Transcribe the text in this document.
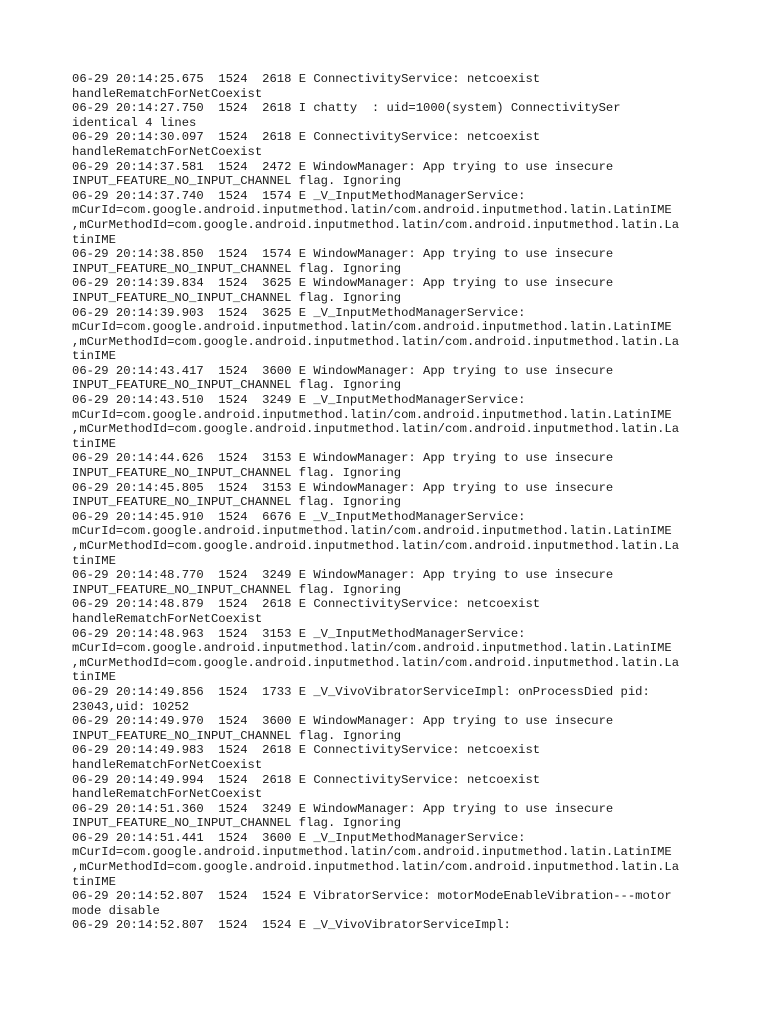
06-29 20:14:25.675  1524  2618 E ConnectivityService: netcoexist
handleRematchForNetCoexist
06-29 20:14:27.750  1524  2618 I chatty  : uid=1000(system) ConnectivitySer
identical 4 lines
06-29 20:14:30.097  1524  2618 E ConnectivityService: netcoexist
handleRematchForNetCoexist
06-29 20:14:37.581  1524  2472 E WindowManager: App trying to use insecure
INPUT_FEATURE_NO_INPUT_CHANNEL flag. Ignoring
06-29 20:14:37.740  1524  1574 E _V_InputMethodManagerService:
mCurId=com.google.android.inputmethod.latin/com.android.inputmethod.latin.LatinIME
,mCurMethodId=com.google.android.inputmethod.latin/com.android.inputmethod.latin.La
tinIME
06-29 20:14:38.850  1524  1574 E WindowManager: App trying to use insecure
INPUT_FEATURE_NO_INPUT_CHANNEL flag. Ignoring
06-29 20:14:39.834  1524  3625 E WindowManager: App trying to use insecure
INPUT_FEATURE_NO_INPUT_CHANNEL flag. Ignoring
06-29 20:14:39.903  1524  3625 E _V_InputMethodManagerService:
mCurId=com.google.android.inputmethod.latin/com.android.inputmethod.latin.LatinIME
,mCurMethodId=com.google.android.inputmethod.latin/com.android.inputmethod.latin.La
tinIME
06-29 20:14:43.417  1524  3600 E WindowManager: App trying to use insecure
INPUT_FEATURE_NO_INPUT_CHANNEL flag. Ignoring
06-29 20:14:43.510  1524  3249 E _V_InputMethodManagerService:
mCurId=com.google.android.inputmethod.latin/com.android.inputmethod.latin.LatinIME
,mCurMethodId=com.google.android.inputmethod.latin/com.android.inputmethod.latin.La
tinIME
06-29 20:14:44.626  1524  3153 E WindowManager: App trying to use insecure
INPUT_FEATURE_NO_INPUT_CHANNEL flag. Ignoring
06-29 20:14:45.805  1524  3153 E WindowManager: App trying to use insecure
INPUT_FEATURE_NO_INPUT_CHANNEL flag. Ignoring
06-29 20:14:45.910  1524  6676 E _V_InputMethodManagerService:
mCurId=com.google.android.inputmethod.latin/com.android.inputmethod.latin.LatinIME
,mCurMethodId=com.google.android.inputmethod.latin/com.android.inputmethod.latin.La
tinIME
06-29 20:14:48.770  1524  3249 E WindowManager: App trying to use insecure
INPUT_FEATURE_NO_INPUT_CHANNEL flag. Ignoring
06-29 20:14:48.879  1524  2618 E ConnectivityService: netcoexist
handleRematchForNetCoexist
06-29 20:14:48.963  1524  3153 E _V_InputMethodManagerService:
mCurId=com.google.android.inputmethod.latin/com.android.inputmethod.latin.LatinIME
,mCurMethodId=com.google.android.inputmethod.latin/com.android.inputmethod.latin.La
tinIME
06-29 20:14:49.856  1524  1733 E _V_VivoVibratorServiceImpl: onProcessDied pid:
23043,uid: 10252
06-29 20:14:49.970  1524  3600 E WindowManager: App trying to use insecure
INPUT_FEATURE_NO_INPUT_CHANNEL flag. Ignoring
06-29 20:14:49.983  1524  2618 E ConnectivityService: netcoexist
handleRematchForNetCoexist
06-29 20:14:49.994  1524  2618 E ConnectivityService: netcoexist
handleRematchForNetCoexist
06-29 20:14:51.360  1524  3249 E WindowManager: App trying to use insecure
INPUT_FEATURE_NO_INPUT_CHANNEL flag. Ignoring
06-29 20:14:51.441  1524  3600 E _V_InputMethodManagerService:
mCurId=com.google.android.inputmethod.latin/com.android.inputmethod.latin.LatinIME
,mCurMethodId=com.google.android.inputmethod.latin/com.android.inputmethod.latin.La
tinIME
06-29 20:14:52.807  1524  1524 E VibratorService: motorModeEnableVibration---motor
mode disable
06-29 20:14:52.807  1524  1524 E _V_VivoVibratorServiceImpl:
